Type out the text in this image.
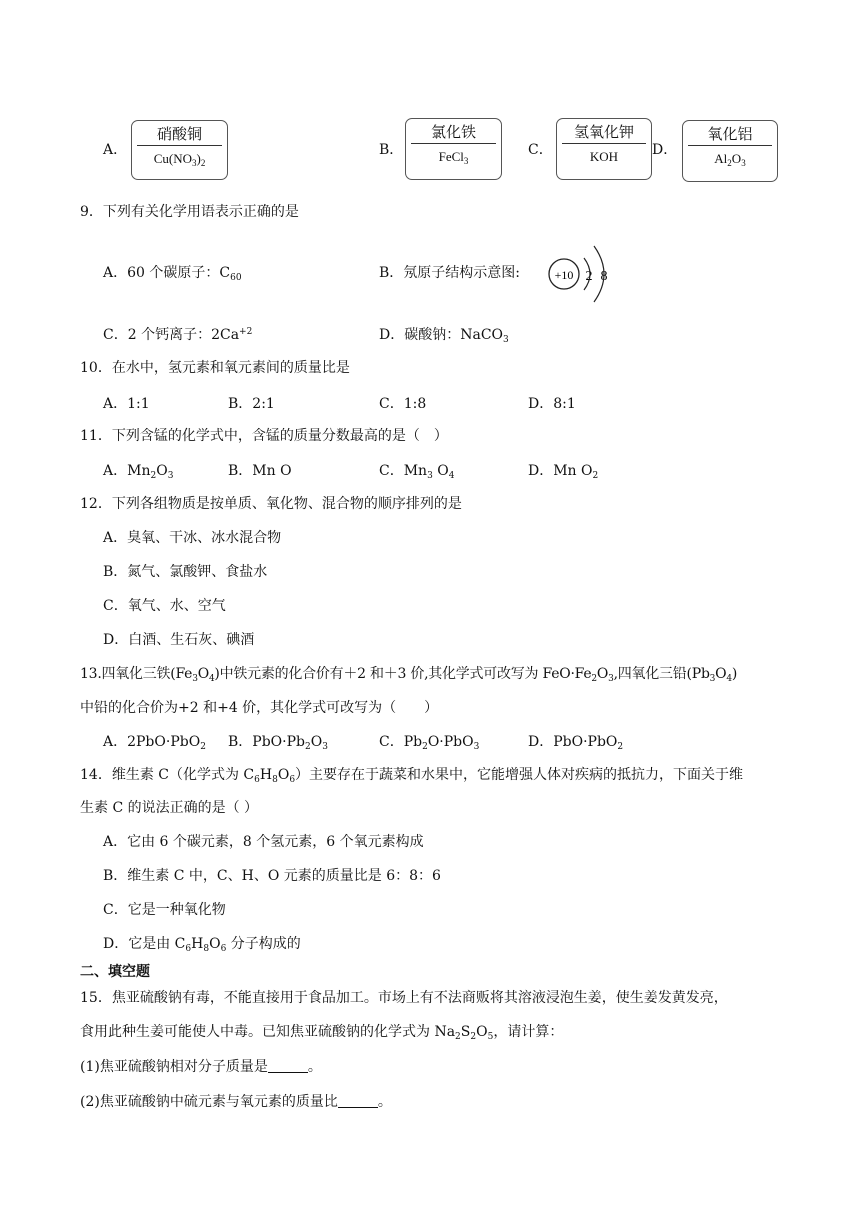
A．
硝酸铜
$Cu(NO_3)_2$
B．
氯化铁
FeCl$_3$
C．
氢氧化钾
KOH	D．
氧化铝
$Al_2O_3$
9．下列有关化学用语表示正确的是
A．60 个碳原子：$C_{60}$	B．氖原子结构示意图:	+10 2 8
C．2 个钙离子：$2Ca^{+2}$	D．碳酸钠：NaCO$_3$
10．在水中，氢元素和氧元素间的质量比是
A．1:1	B．2:1	C．1:8	D．8:1
11．下列含锰的化学式中，含锰的质量分数最高的是（　）
A．$Mn_2O_3$	B．Mn O	C．$Mn_3$ $O_4$	D．Mn $O_2$
12．下列各组物质是按单质、氧化物、混合物的顺序排列的是
A．臭氧、干冰、冰水混合物
B．氮气、氯酸钾、食盐水
C．氧气、水、空气
D．白酒、生石灰、碘酒
13.四氧化三铁$(Fe_3O_4)$中铁元素的化合价有＋2 和＋3 价,其化学式可改写为 $FeO\cdot Fe_2O_3$,四氧化三铅$(Pb_3O_4)$
中铅的化合价为+2 和+4 价，其化学式可改写为（　　）
A．2PbO·PbO$_2$ B．$PbO\cdot Pb_2O_3$	C．$Pb_2O\cdot PbO_3$	D．PbO·PbO$_2$
14．维生素 C（化学式为 $C_6H_8O_6$）主要存在于蔬菜和水果中，它能增强人体对疾病的抵抗力，下面关于维
生素 C 的说法正确的是（ ）
A．它由 6 个碳元素，8 个氢元素，6 个氧元素构成
B．维生素 C 中，C、H、O 元素的质量比是 6：8：6
C．它是一种氧化物
D．它是由 $C_6H_8O_6$ 分子构成的
二、填空题
15．焦亚硫酸钠有毒，不能直接用于食品加工。市场上有不法商贩将其溶液浸泡生姜，使生姜发黄发亮，
食用此种生姜可能使人中毒。已知焦亚硫酸钠的化学式为 $Na_2S_2O_5$，请计算：
(1)焦亚硫酸钠相对分子质量是	。
(2)焦亚硫酸钠中硫元素与氧元素的质量比	。
